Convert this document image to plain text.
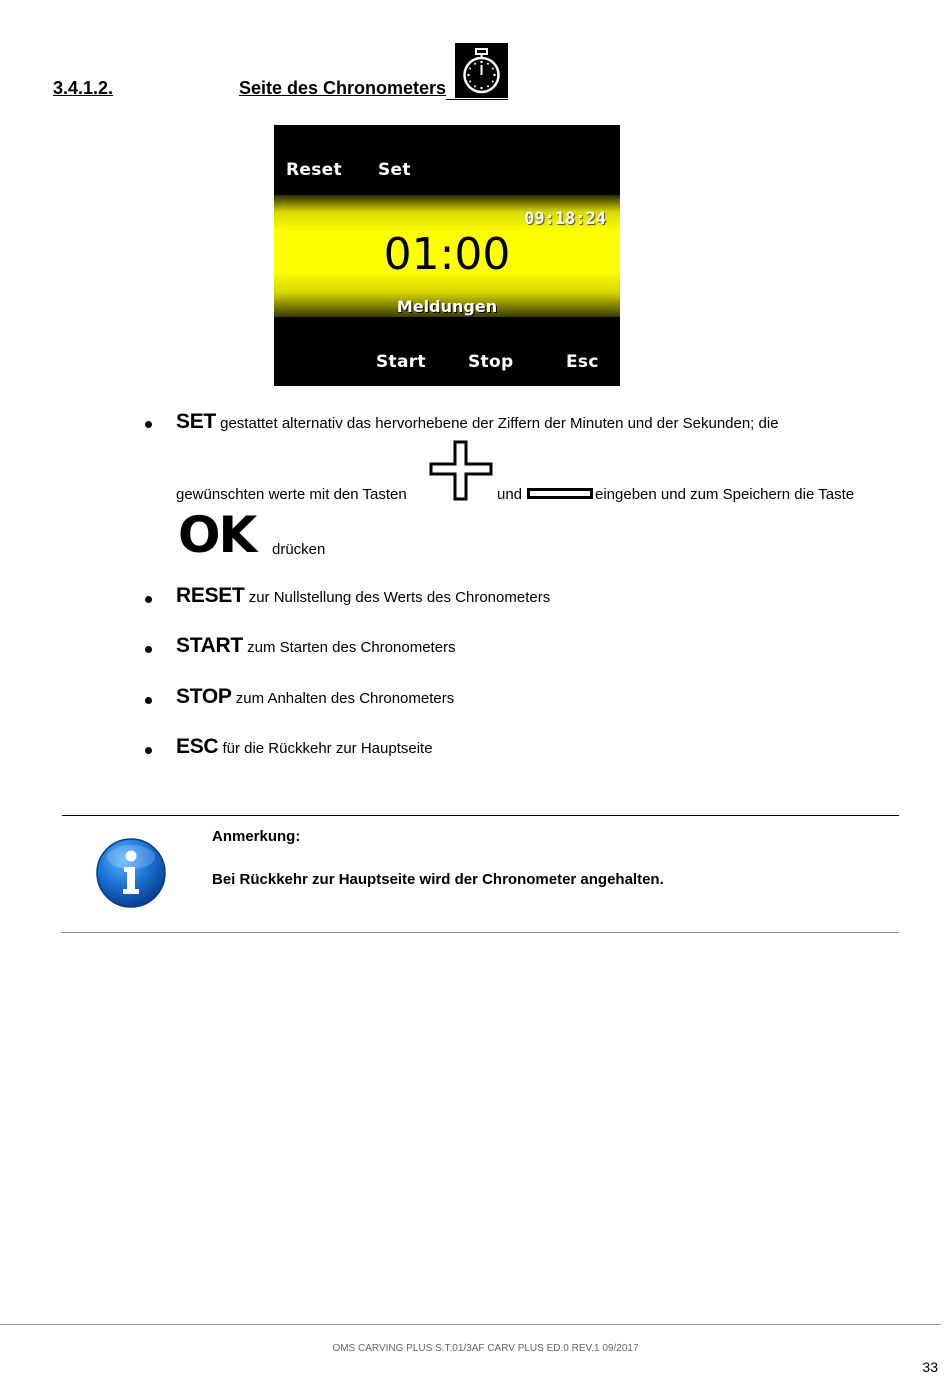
3.4.1.2.	Seite des Chronometers
Reset Set
09:18:24
01:00
Meldungen
Start Stop	Esc
SET gestattet alternativ das hervorhebene der Ziffern der Minuten und der Sekunden; die
gewünschten werte mit den Tasten	und	eingeben und zum Speichern die Taste
OK drücken
RESET zur Nullstellung des Werts des Chronometers
START zum Starten des Chronometers
STOP zum Anhalten des Chronometers
ESC für die Rückkehr zur Hauptseite
Anmerkung:
Bei Rückkehr zur Hauptseite wird der Chronometer angehalten.
OMS CARVING PLUS S.T.01/3AF CARV PLUS ED.0 REV.1 09/2017
33
